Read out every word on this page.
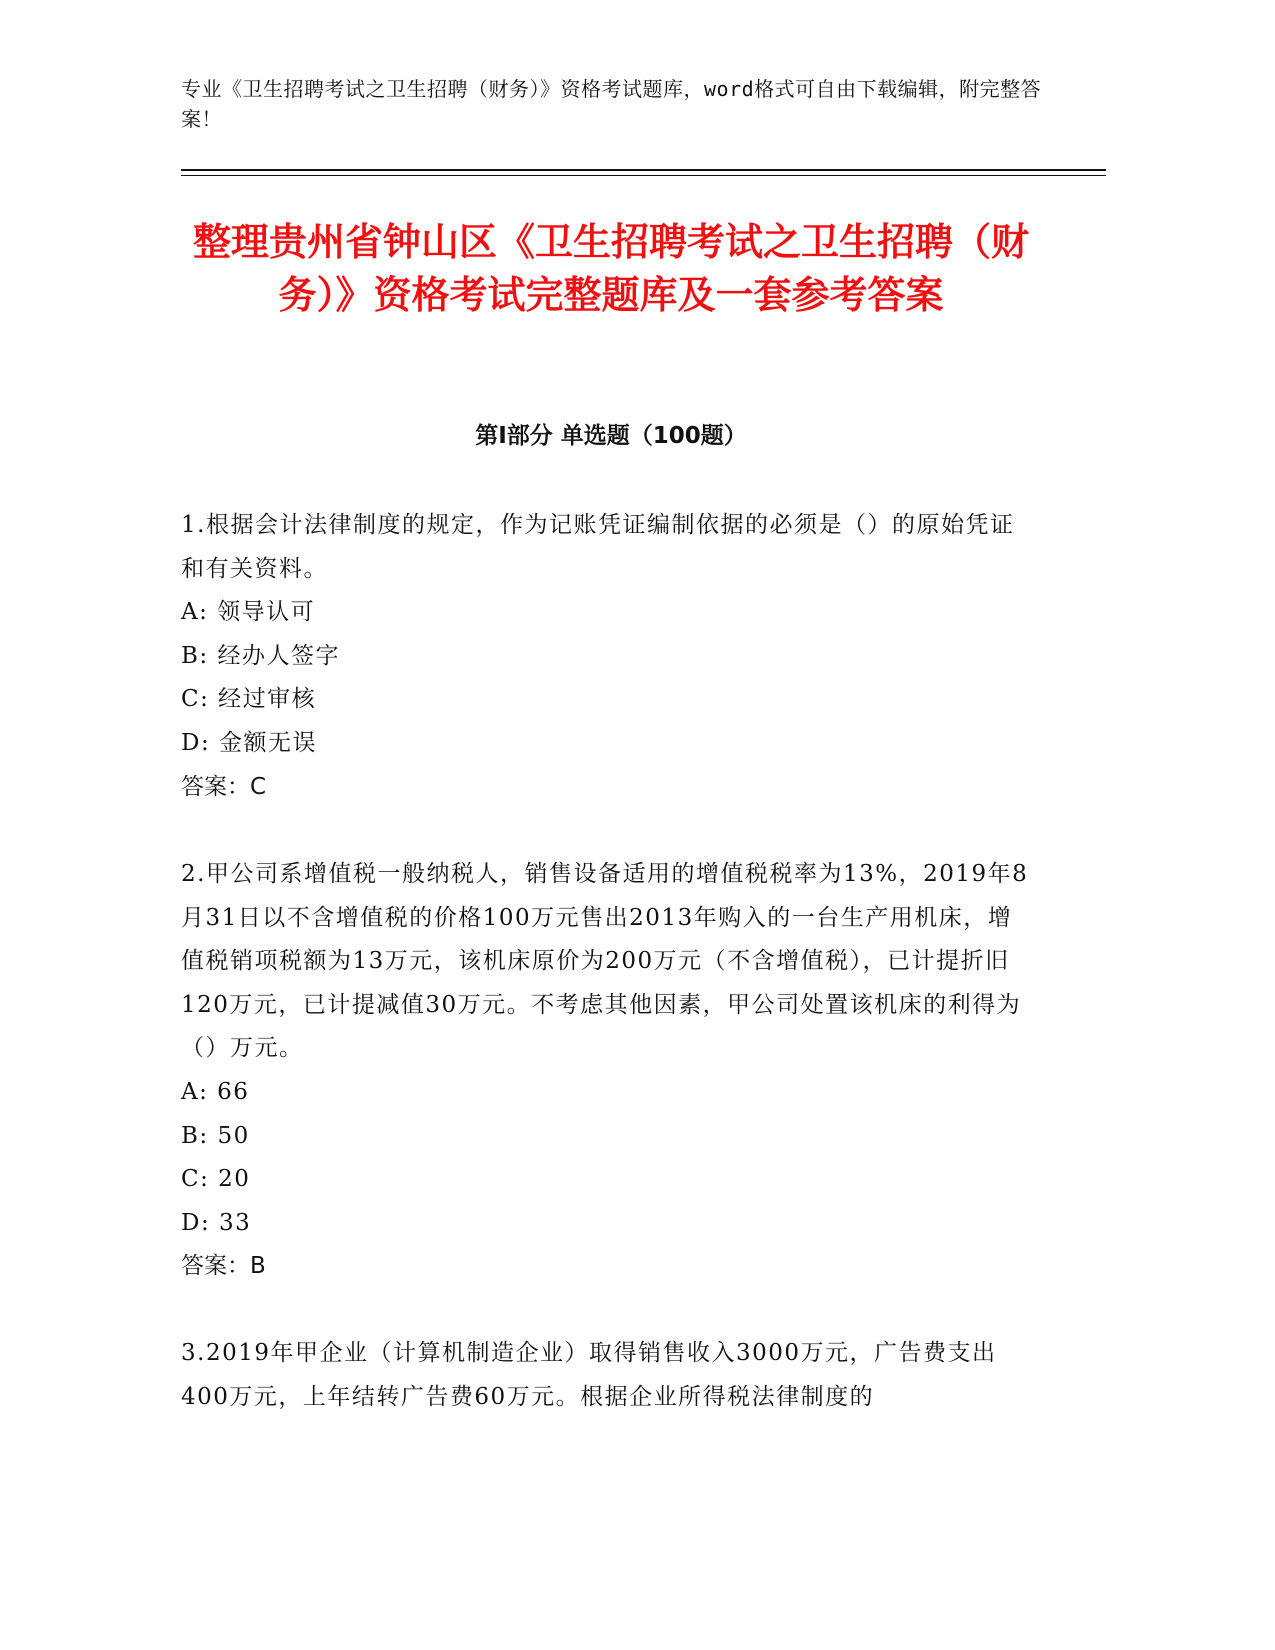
专业《卫生招聘考试之卫生招聘（财务）》资格考试题库，word格式可自由下载编辑，附完整答案！
整理贵州省钟山区《卫生招聘考试之卫生招聘（财务）》资格考试完整题库及一套参考答案
第I部分 单选题（100题）

1.根据会计法律制度的规定，作为记账凭证编制依据的必须是（）的原始凭证和有关资料。

A: 领导认可

B: 经办人签字

C: 经过审核

D: 金额无误

答案：C

2.甲公司系增值税一般纳税人，销售设备适用的增值税税率为13%，2019年8月31日以不含增值税的价格100万元售出2013年购入的一台生产用机床，增值税销项税额为13万元，该机床原价为200万元（不含增值税），已计提折旧120万元，已计提减值30万元。不考虑其他因素，甲公司处置该机床的利得为（）万元。

A: 66

B: 50

C: 20

D: 33

答案：B

3.2019年甲企业（计算机制造企业）取得销售收入3000万元，广告费支出400万元，上年结转广告费60万元。根据企业所得税法律制度的
